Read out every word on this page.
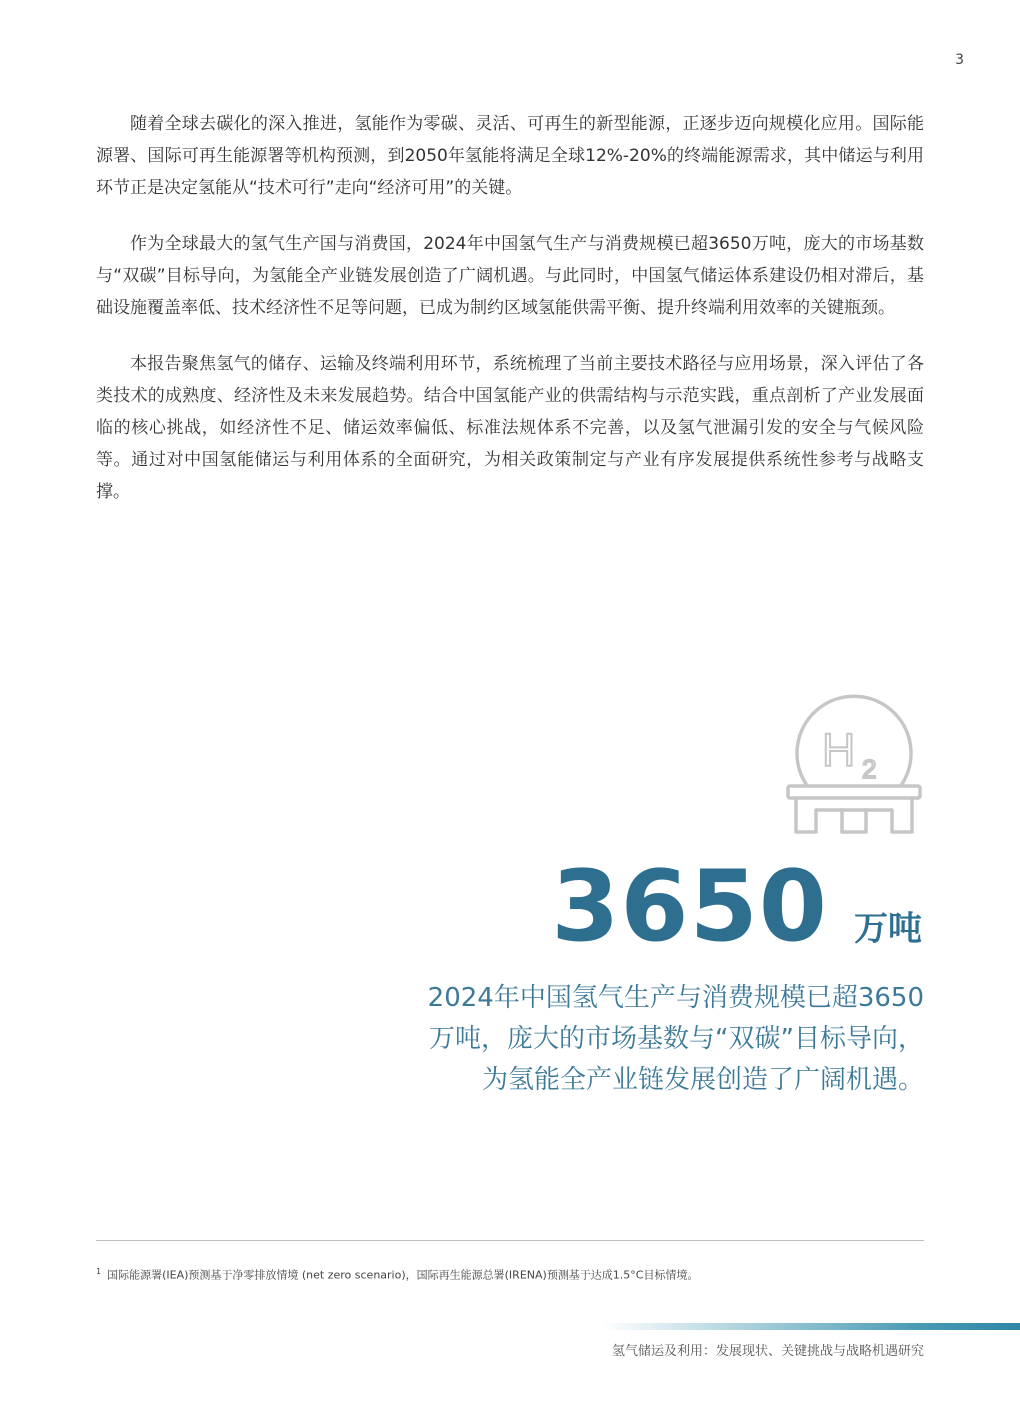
3

随着全球去碳化的深入推进，氢能作为零碳、灵活、可再生的新型能源，正逐步迈向规模化应用。国际能源署、国际可再生能源署等机构预测，到2050年氢能将满足全球12%-20%的终端能源需求，其中储运与利用环节正是决定氢能从“技术可行”走向“经济可用”的关键。

作为全球最大的氢气生产国与消费国，2024年中国氢气生产与消费规模已超3650万吨，庞大的市场基数与“双碳”目标导向，为氢能全产业链发展创造了广阔机遇。与此同时，中国氢气储运体系建设仍相对滞后，基础设施覆盖率低、技术经济性不足等问题，已成为制约区域氢能供需平衡、提升终端利用效率的关键瓶颈。

本报告聚焦氢气的储存、运输及终端利用环节，系统梳理了当前主要技术路径与应用场景，深入评估了各类技术的成熟度、经济性及未来发展趋势。结合中国氢能产业的供需结构与示范实践，重点剖析了产业发展面临的核心挑战，如经济性不足、储运效率偏低、标准法规体系不完善，以及氢气泄漏引发的安全与气候风险等。通过对中国氢能储运与利用体系的全面研究，为相关政策制定与产业有序发展提供系统性参考与战略支撑。

H 2
3650 万吨
2024年中国氢气生产与消费规模已超3650
万吨，庞大的市场基数与“双碳”目标导向，
为氢能全产业链发展创造了广阔机遇。
$^1$ 国际能源署(IEA)预测基于净零排放情境 (net zero scenario)，国际再生能源总署(IRENA)预测基于达成1.5°C目标情境。
氢气储运及利用：发展现状、关键挑战与战略机遇研究
